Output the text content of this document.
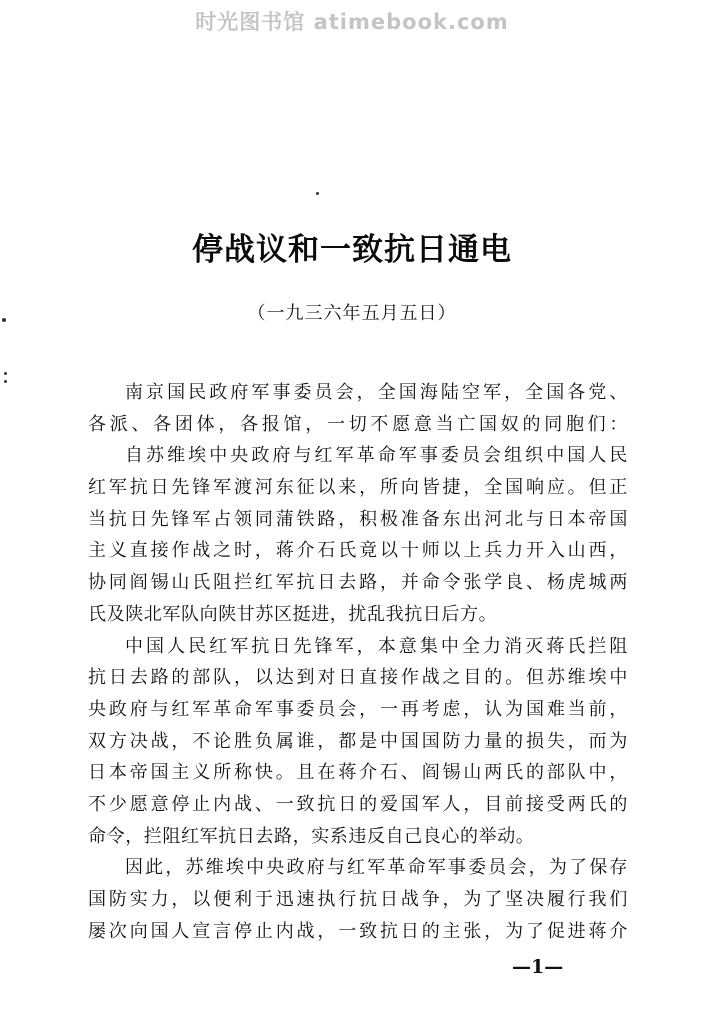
时光图书馆 atimebook.com
停战议和一致抗日通电
（一九三六年五月五日）
南京国民政府军事委员会，全国海陆空军，全国各党、
各派、各团体，各报馆，一切不愿意当亡国奴的同胞们：
自苏维埃中央政府与红军革命军事委员会组织中国人民
红军抗日先锋军渡河东征以来，所向皆捷，全国响应。但正
当抗日先锋军占领同蒲铁路，积极准备东出河北与日本帝国
主义直接作战之时，蒋介石氏竟以十师以上兵力开入山西，
协同阎锡山氏阻拦红军抗日去路，并命令张学良、杨虎城两
氏及陕北军队向陕甘苏区挺进，扰乱我抗日后方。
中国人民红军抗日先锋军，本意集中全力消灭蒋氏拦阻
抗日去路的部队，以达到对日直接作战之目的。但苏维埃中
央政府与红军革命军事委员会，一再考虑，认为国难当前，
双方决战，不论胜负属谁，都是中国国防力量的损失，而为
日本帝国主义所称快。且在蒋介石、阎锡山两氏的部队中，
不少愿意停止内战、一致抗日的爱国军人，目前接受两氏的
命令，拦阻红军抗日去路，实系违反自己良心的举动。
因此，苏维埃中央政府与红军革命军事委员会，为了保存
国防实力，以便利于迅速执行抗日战争，为了坚决履行我们
屡次向国人宣言停止内战，一致抗日的主张，为了促进蒋介
—1—
